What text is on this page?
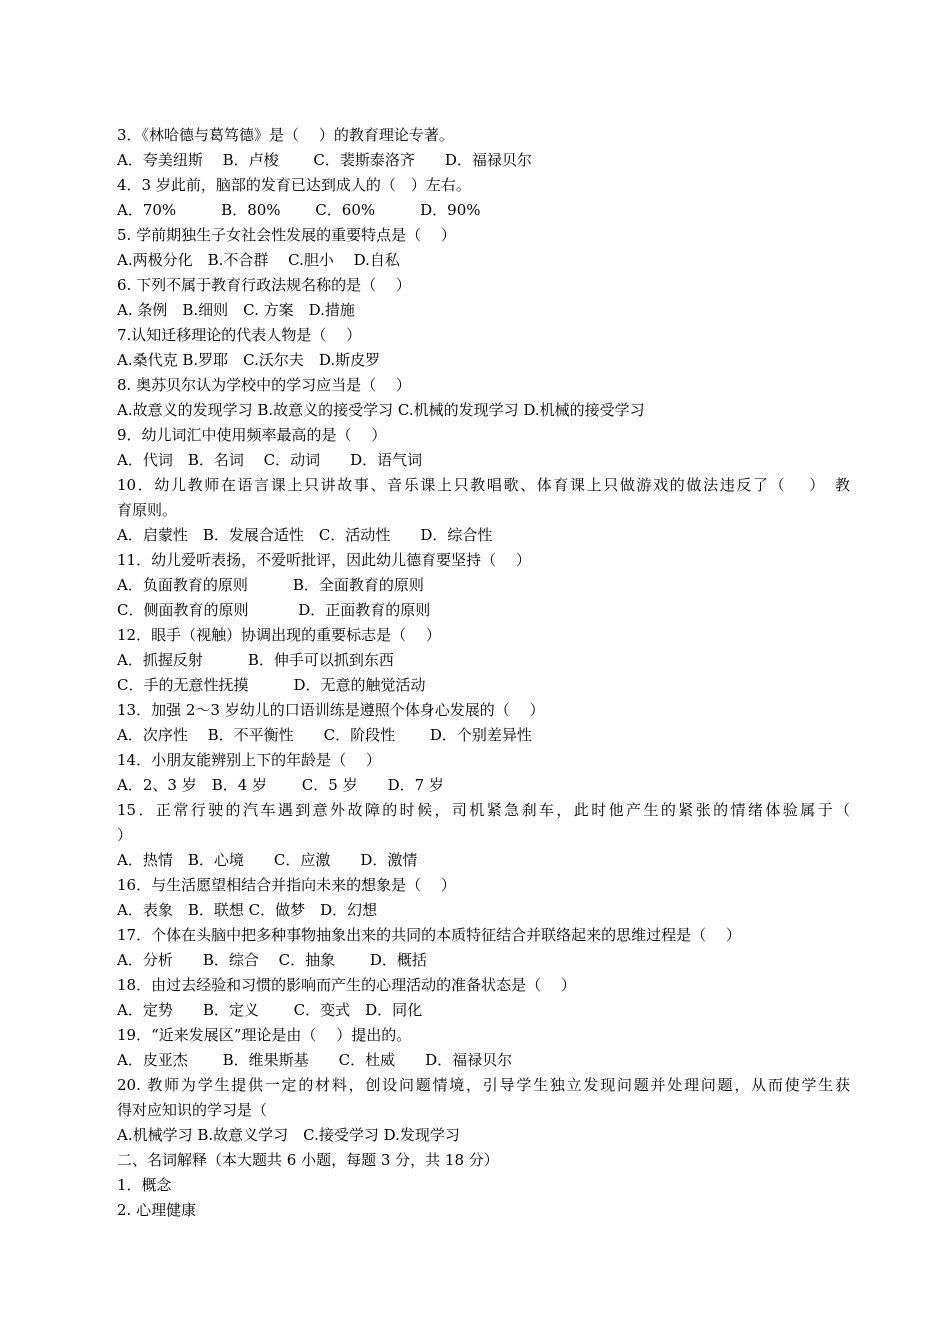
3．《林哈德与葛笃德》是（　 ）的教育理论专著。
A．夸美纽斯　 B．卢梭　　 C．裴斯泰洛齐　　D．福禄贝尔
4．3 岁此前，脑部的发育已达到成人的（　）左右。
A．70%　　　B．80%　　 C．60%　　　D．90%
5. 学前期独生子女社会性发展的重要特点是（　 ）
A.两极分化　B.不合群　 C.胆小　 D.自私
6. 下列不属于教育行政法规名称的是（　 ）
A. 条例　B.细则　C. 方案　D.措施
7.认知迁移理论的代表人物是（　 ）
A.桑代克 B.罗耶　C.沃尔夫　D.斯皮罗
8. 奥苏贝尔认为学校中的学习应当是（　 ）
A.故意义的发现学习 B.故意义的接受学习 C.机械的发现学习 D.机械的接受学习
9．幼儿词汇中使用频率最高的是（　 ）
A．代词　B．名词　 C．动词　　D．语气词
10．幼儿教师在语言课上只讲故事、音乐课上只教唱歌、体育课上只做游戏的做法违反了（　 ）　教
育原则。
A．启蒙性　B．发展合适性　C．活动性　　D．综合性
11．幼儿爱听表扬，不爱听批评，因此幼儿德育要坚持（　 ）
A．负面教育的原则　　　B．全面教育的原则
C．侧面教育的原则　　　 D．正面教育的原则
12．眼手（视触）协调出现的重要标志是（　 ）
A．抓握反射　　　B．伸手可以抓到东西
C．手的无意性抚摸　　　D．无意的触觉活动
13．加强 2～3 岁幼儿的口语训练是遵照个体身心发展的（　 ）
A．次序性　 B．不平衡性　　C．阶段性　　 D．个别差异性
14．小朋友能辨别上下的年龄是（　 ）
A．2、3 岁　B．4 岁　　 C．5 岁　　D．7 岁
15．正常行驶的汽车遇到意外故障的时候，司机紧急刹车，此时他产生的紧张的情绪体验属于（
）
A．热情　B．心境　　C．应激　　D．激情
16．与生活愿望相结合并指向未来的想象是（　 ）
A．表象　B．联想 C．做梦　D．幻想
17．个体在头脑中把多种事物抽象出来的共同的本质特征结合并联络起来的思维过程是（　 ）
A．分析　　B．综合　 C．抽象　　 D．概括
18．由过去经验和习惯的影响而产生的心理活动的准备状态是（　 ）
A．定势　　B．定义　　 C．变式　D．同化
19．“近来发展区”理论是由（　 ）提出的。
A．皮亚杰　　 B．维果斯基　　C．杜威　　D．福禄贝尔
20. 教师为学生提供一定的材料，创设问题情境，引导学生独立发现问题并处理问题，从而使学生获
得对应知识的学习是（
A.机械学习 B.故意义学习　C.接受学习 D.发现学习
二、名词解释（本大题共 6 小题，每题 3 分，共 18 分）
1．概念
2. 心理健康
